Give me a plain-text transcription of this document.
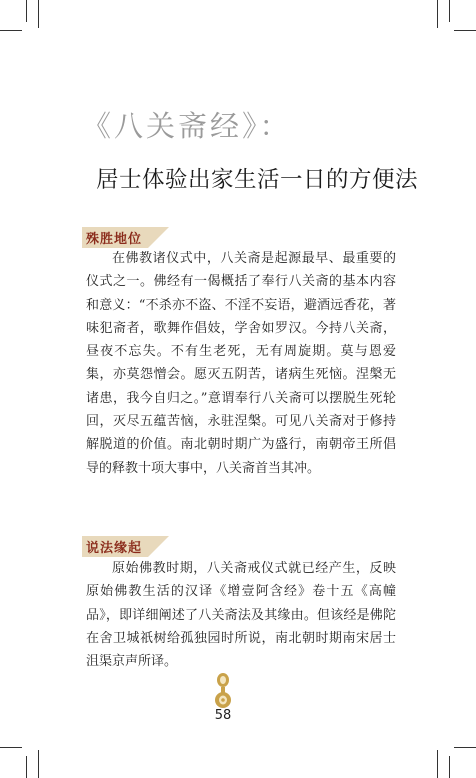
《八关斋经》：
居士体验出家生活一日的方便法
殊胜地位

在佛教诸仪式中，八关斋是起源最早、最重要的仪式之一。佛经有一偈概括了奉行八关斋的基本内容和意义：“不杀亦不盗、不淫不妄语，避酒远香花，著味犯斋者，歌舞作倡妓，学舍如罗汉。今持八关斋，昼夜不忘失。不有生老死，无有周旋期。莫与恩爱集，亦莫怨憎会。愿灭五阴苦，诸病生死恼。涅槃无诸患，我今自归之。”意谓奉行八关斋可以摆脱生死轮回，灭尽五蕴苦恼，永驻涅槃。可见八关斋对于修持解脱道的价值。南北朝时期广为盛行，南朝帝王所倡导的释教十项大事中，八关斋首当其冲。

说法缘起

原始佛教时期，八关斋戒仪式就已经产生，反映原始佛教生活的汉译《增壹阿含经》卷十五《高幢品》，即详细阐述了八关斋法及其缘由。但该经是佛陀在舍卫城祇树给孤独园时所说，南北朝时期南宋居士沮渠京声所译。

58
